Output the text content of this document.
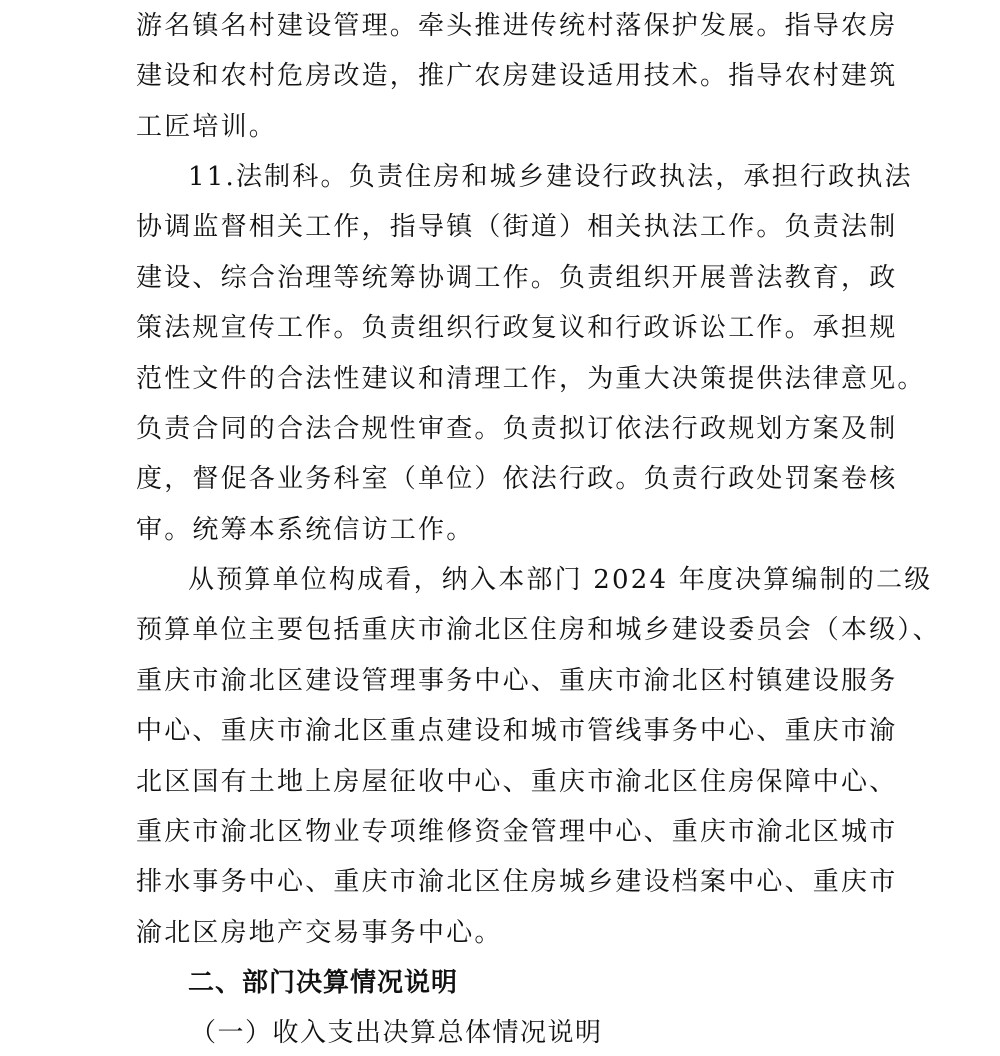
游名镇名村建设管理。牵头推进传统村落保护发展。指导农房
建设和农村危房改造，推广农房建设适用技术。指导农村建筑
工匠培训。
11.法制科。负责住房和城乡建设行政执法，承担行政执法
协调监督相关工作，指导镇（街道）相关执法工作。负责法制
建设、综合治理等统筹协调工作。负责组织开展普法教育，政
策法规宣传工作。负责组织行政复议和行政诉讼工作。承担规
范性文件的合法性建议和清理工作，为重大决策提供法律意见。
负责合同的合法合规性审查。负责拟订依法行政规划方案及制
度，督促各业务科室（单位）依法行政。负责行政处罚案卷核
审。统筹本系统信访工作。
从预算单位构成看，纳入本部门 2024 年度决算编制的二级
预算单位主要包括重庆市渝北区住房和城乡建设委员会（本级）、
重庆市渝北区建设管理事务中心、重庆市渝北区村镇建设服务
中心、重庆市渝北区重点建设和城市管线事务中心、重庆市渝
北区国有土地上房屋征收中心、重庆市渝北区住房保障中心、
重庆市渝北区物业专项维修资金管理中心、重庆市渝北区城市
排水事务中心、重庆市渝北区住房城乡建设档案中心、重庆市
渝北区房地产交易事务中心。
二、部门决算情况说明
（一）收入支出决算总体情况说明
